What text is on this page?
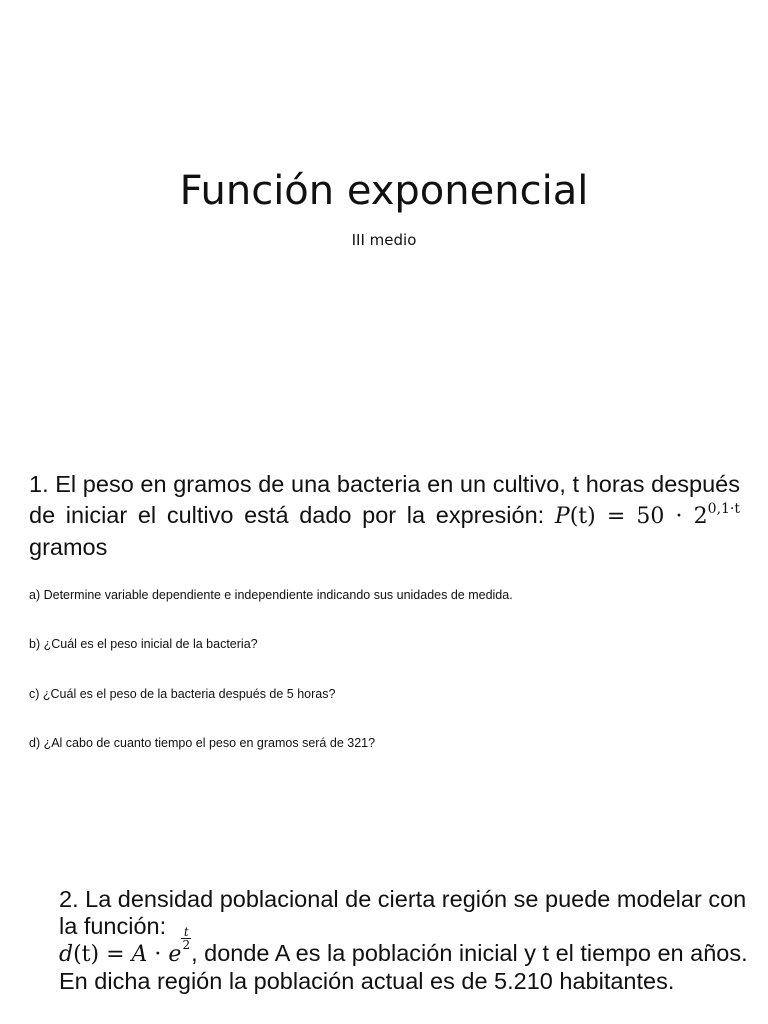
Función exponencial
III medio

1. El peso en gramos de una bacteria en un cultivo, t horas después de iniciar el cultivo está dado por la expresión: $P(t) = 50 \cdot 2^{0,1\cdot t}$ gramos

a) Determine variable dependiente e independiente indicando sus unidades de medida.

b) ¿Cuál es el peso inicial de la bacteria?

c) ¿Cuál es el peso de la bacteria después de 5 horas?

d) ¿Al cabo de cuanto tiempo el peso en gramos será de 321?

2. La densidad poblacional de cierta región se puede modelar con la función:
d(t) = A · e
$\frac{t}{2}$
, donde A es la población inicial y t el tiempo en años. En dicha región la población actual es de 5.210 habitantes.
